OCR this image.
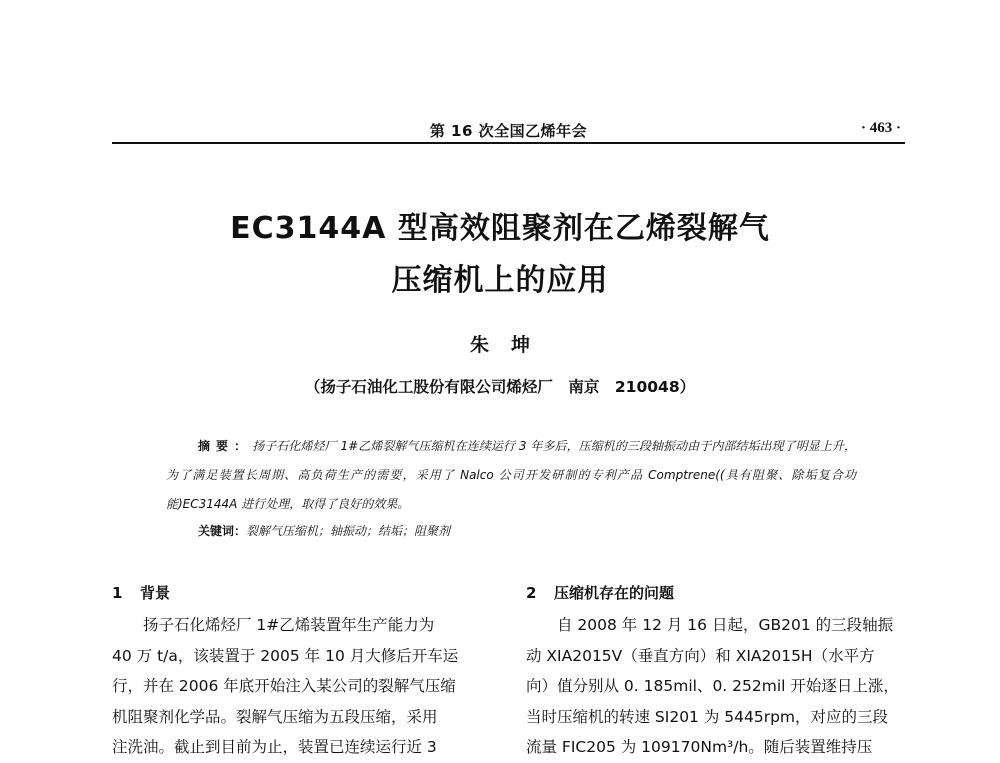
第 16 次全国乙烯年会	· 463 ·
EC3144A 型高效阻聚剂在乙烯裂解气
压缩机上的应用
朱坤
（扬子石油化工股份有限公司烯烃厂　南京　210048）
摘要：扬子石化烯烃厂 1#乙烯裂解气压缩机在连续运行 3 年多后，压缩机的三段轴振动由于内部结垢出现了明显上升，为了满足装置长周期、高负荷生产的需要，采用了 Nalco 公司开发研制的专利产品 Comptrene((具有阻聚、除垢复合功能)EC3144A 进行处理，取得了良好的效果。
关键词：裂解气压缩机；轴振动；结垢；阻聚剂
1 背景
扬子石化烯烃厂 1#乙烯装置年生产能力为
40 万 t/a，该装置于 2005 年 10 月大修后开车运
行，并在 2006 年底开始注入某公司的裂解气压缩
机阻聚剂化学品。裂解气压缩为五段压缩，采用
注洗油。截止到目前为止，装置已连续运行近 3
2 压缩机存在的问题
自 2008 年 12 月 16 日起，GB201 的三段轴振
动 XIA2015V（垂直方向）和 XIA2015H（水平方
向）值分别从 0. 185mil、0. 252mil 开始逐日上涨，
当时压缩机的转速 SI201 为 5445rpm，对应的三段
流量 FIC205 为 109170Nm³/h。随后装置维持压
